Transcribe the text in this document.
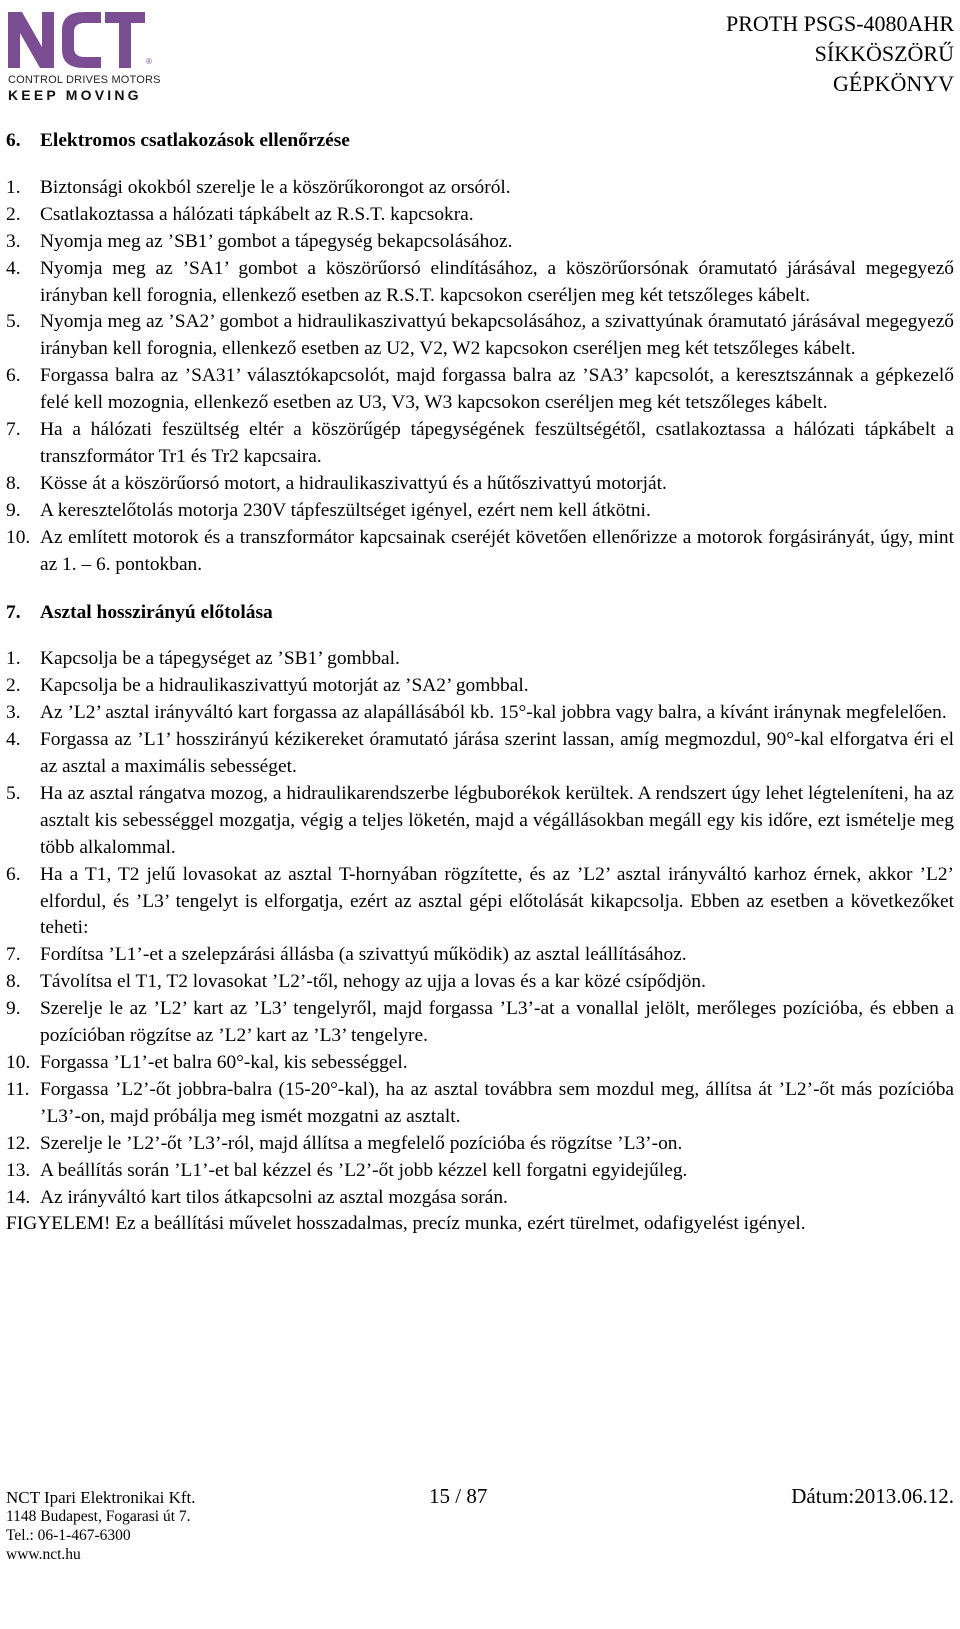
®
CONTROL DRIVES MOTORS
KEEP MOVING
PROTH PSGS-4080AHR
SÍKKÖSZÖRŰ
GÉPKÖNYV
6.	Elektromos csatlakozások ellenőrzése
1.	Biztonsági okokból szerelje le a köszörűkorongot az orsóról.
2.	Csatlakoztassa a hálózati tápkábelt az R.S.T. kapcsokra.
3.	Nyomja meg az ’SB1’ gombot a tápegység bekapcsolásához.
4.	Nyomja meg az ’SA1’ gombot a köszörűorsó elindításához, a köszörűorsónak óramutató járásával megegyező irányban kell forognia, ellenkező esetben az R.S.T. kapcsokon cseréljen meg két tetszőleges kábelt.
5.	Nyomja meg az ’SA2’ gombot a hidraulikaszivattyú bekapcsolásához, a szivattyúnak óramutató járásával megegyező irányban kell forognia, ellenkező esetben az U2, V2, W2 kapcsokon cseréljen meg két tetszőleges kábelt.
6.	Forgassa balra az ’SA31’ választókapcsolót, majd forgassa balra az ’SA3’ kapcsolót, a keresztszánnak a gépkezelő felé kell mozognia, ellenkező esetben az U3, V3, W3 kapcsokon cseréljen meg két tetszőleges kábelt.
7.	Ha a hálózati feszültség eltér a köszörűgép tápegységének feszültségétől, csatlakoztassa a hálózati tápkábelt a transzformátor Tr1 és Tr2 kapcsaira.
8.	Kösse át a köszörűorsó motort, a hidraulikaszivattyú és a hűtőszivattyú motorját.
9.	A keresztelőtolás motorja 230V tápfeszültséget igényel, ezért nem kell átkötni.
10. Az említett motorok és a transzformátor kapcsainak cseréjét követően ellenőrizze a motorok forgásirányát, úgy, mint az 1. – 6. pontokban.
7.	Asztal hosszirányú előtolása
1.	Kapcsolja be a tápegységet az ’SB1’ gombbal.
2.	Kapcsolja be a hidraulikaszivattyú motorját az ’SA2’ gombbal.
3.	Az ’L2’ asztal irányváltó kart forgassa az alapállásából kb. 15°-kal jobbra vagy balra, a kívánt iránynak megfelelően.
4.	Forgassa az ’L1’ hosszirányú kézikereket óramutató járása szerint lassan, amíg megmozdul, 90°-kal elforgatva éri el az asztal a maximális sebességet.
5.	Ha az asztal rángatva mozog, a hidraulikarendszerbe légbuborékok kerültek. A rendszert úgy lehet légteleníteni, ha az asztalt kis sebességgel mozgatja, végig a teljes löketén, majd a végállásokban megáll egy kis időre, ezt ismételje meg több alkalommal.
6.	Ha a T1, T2 jelű lovasokat az asztal T-hornyában rögzítette, és az ’L2’ asztal irányváltó karhoz érnek, akkor ’L2’ elfordul, és ’L3’ tengelyt is elforgatja, ezért az asztal gépi előtolását kikapcsolja. Ebben az esetben a következőket teheti:
7.	Fordítsa ’L1’-et a szelepzárási állásba (a szivattyú működik) az asztal leállításához.
8.	Távolítsa el T1, T2 lovasokat ’L2’-től, nehogy az ujja a lovas és a kar közé csípődjön.
9.	Szerelje le az ’L2’ kart az ’L3’ tengelyről, majd forgassa ’L3’-at a vonallal jelölt, merőleges pozícióba, és ebben a pozícióban rögzítse az ’L2’ kart az ’L3’ tengelyre.
10. Forgassa ’L1’-et balra 60°-kal, kis sebességgel.
11. Forgassa ’L2’-őt jobbra-balra (15-20°-kal), ha az asztal továbbra sem mozdul meg, állítsa át ’L2’-őt más pozícióba ’L3’-on, majd próbálja meg ismét mozgatni az asztalt.
12. Szerelje le ’L2’-őt ’L3’-ról, majd állítsa a megfelelő pozícióba és rögzítse ’L3’-on.
13. A beállítás során ’L1’-et bal kézzel és ’L2’-őt jobb kézzel kell forgatni egyidejűleg.
14. Az irányváltó kart tilos átkapcsolni az asztal mozgása során.
FIGYELEM! Ez a beállítási művelet hosszadalmas, precíz munka, ezért türelmet, odafigyelést igényel.
NCT Ipari Elektronikai Kft.
1148 Budapest, Fogarasi út 7.
Tel.: 06-1-467-6300
www.nct.hu
15 / 87	Dátum:2013.06.12.
